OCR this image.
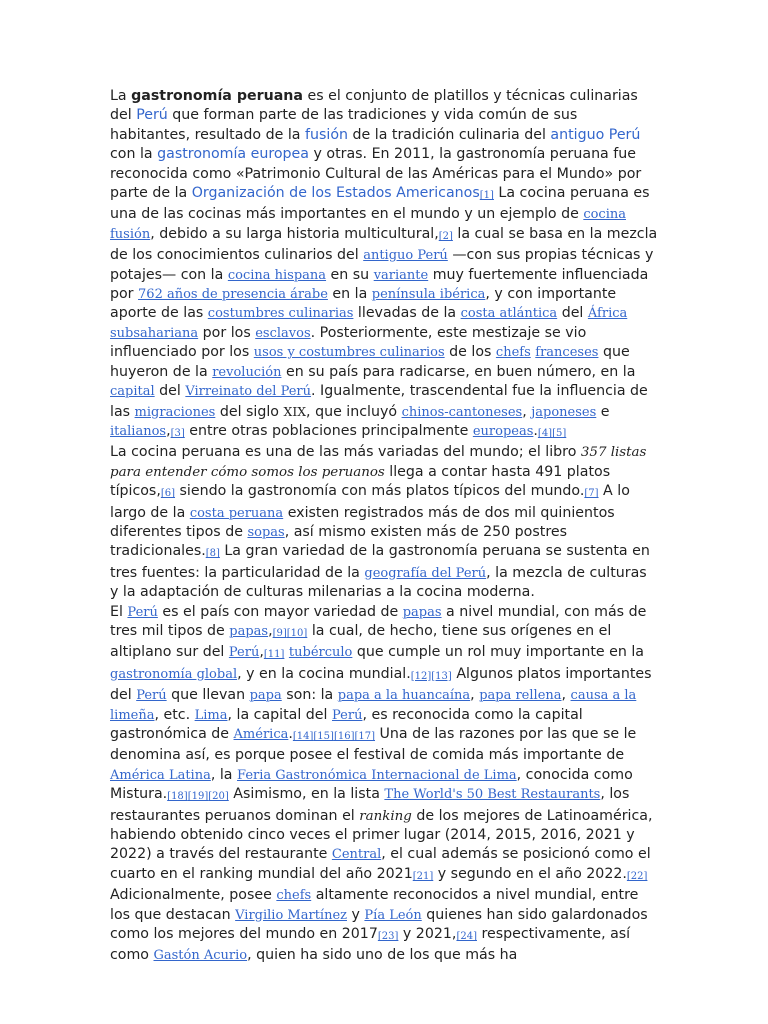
La gastronomía peruana es el conjunto de platillos y técnicas culinarias del Perú que forman parte de las tradiciones y vida común de sus habitantes, resultado de la fusión de la tradición culinaria del antiguo Perú con la gastronomía europea y otras. En 2011, la gastronomía peruana fue reconocida como «Patrimonio Cultural de las Américas para el Mundo» por parte de la Organización de los Estados Americanos[1] La cocina peruana es una de las cocinas más importantes en el mundo y un ejemplo de cocina fusión, debido a su larga historia multicultural,[2] la cual se basa en la mezcla de los conocimientos culinarios del antiguo Perú —con sus propias técnicas y potajes— con la cocina hispana en su variante muy fuertemente influenciada por 762 años de presencia árabe en la península ibérica, y con importante aporte de las costumbres culinarias llevadas de la costa atlántica del África subsahariana por los esclavos. Posteriormente, este mestizaje se vio influenciado por los usos y costumbres culinarios de los chefs franceses que huyeron de la revolución en su país para radicarse, en buen número, en la capital del Virreinato del Perú. Igualmente, trascendental fue la influencia de las migraciones del siglo XIX, que incluyó chinos-cantoneses, japoneses e italianos,[3] entre otras poblaciones principalmente europeas.[4][5]

La cocina peruana es una de las más variadas del mundo; el libro 357 listas para entender cómo somos los peruanos llega a contar hasta 491 platos típicos,[6] siendo la gastronomía con más platos típicos del mundo.[7] A lo largo de la costa peruana existen registrados más de dos mil quinientos diferentes tipos de sopas, así mismo existen más de 250 postres tradicionales.[8] La gran variedad de la gastronomía peruana se sustenta en tres fuentes: la particularidad de la geografía del Perú, la mezcla de culturas y la adaptación de culturas milenarias a la cocina moderna.

El Perú es el país con mayor variedad de papas a nivel mundial, con más de tres mil tipos de papas,[9][10] la cual, de hecho, tiene sus orígenes en el altiplano sur del Perú,[11] tubérculo que cumple un rol muy importante en la gastronomía global, y en la cocina mundial.[12][13] Algunos platos importantes del Perú que llevan papa son: la papa a la huancaína, papa rellena, causa a la limeña, etc. Lima, la capital del Perú, es reconocida como la capital gastronómica de América.[14][15][16][17] Una de las razones por las que se le denomina así, es porque posee el festival de comida más importante de América Latina, la Feria Gastronómica Internacional de Lima, conocida como Mistura.[18][19][20] Asimismo, en la lista The World's 50 Best Restaurants, los restaurantes peruanos dominan el ranking de los mejores de Latinoamérica, habiendo obtenido cinco veces el primer lugar (2014, 2015, 2016, 2021 y 2022) a través del restaurante Central, el cual además se posicionó como el cuarto en el ranking mundial del año 2021[21] y segundo en el año 2022.[22] Adicionalmente, posee chefs altamente reconocidos a nivel mundial, entre los que destacan Virgilio Martínez y Pía León quienes han sido galardonados como los mejores del mundo en 2017[23] y 2021,[24] respectivamente, así como Gastón Acurio, quien ha sido uno de los que más ha
